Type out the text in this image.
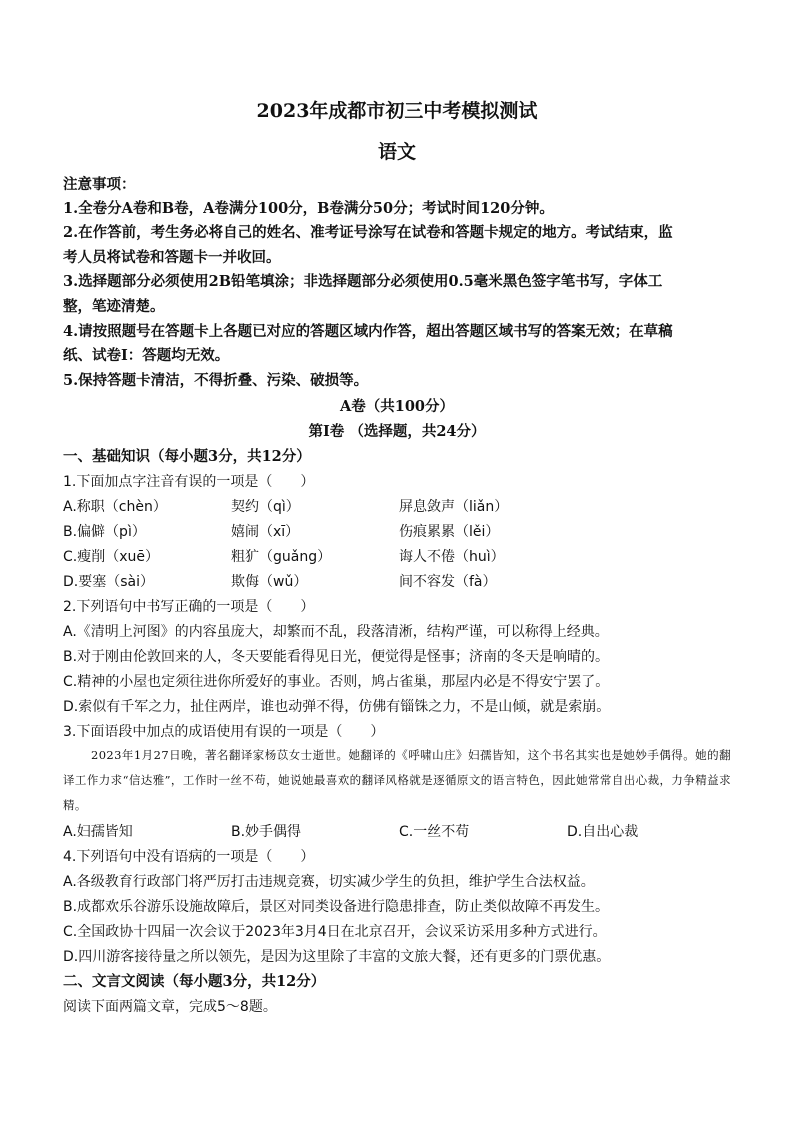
2023年成都市初三中考模拟测试
语文
注意事项：
1.全卷分A卷和B卷，A卷满分100分，B卷满分50分；考试时间120分钟。
2.在作答前，考生务必将自己的姓名、准考证号涂写在试卷和答题卡规定的地方。考试结束，监
考人员将试卷和答题卡一并收回。
3.选择题部分必须使用2B铅笔填涂；非选择题部分必须使用0.5毫米黑色签字笔书写，字体工
整，笔迹清楚。
4.请按照题号在答题卡上各题已对应的答题区域内作答，超出答题区域书写的答案无效；在草稿
纸、试卷Ⅰ：答题均无效。
5.保持答题卡清洁，不得折叠、污染、破损等。
A卷（共100分）
第Ⅰ卷 （选择题，共24分）
一、基础知识（每小题3分，共12分）
1.下面加点字注音有误的一项是（　　）
A.称职（chèn）	契约（qì）	屏息敛声（liǎn）
B.偏僻（pì）	嬉闹（xī）	伤痕累累（lěi）
C.瘦削（xuē）	粗犷（guǎng）	诲人不倦（huì）
D.要塞（sài）	欺侮（wǔ）	间不容发（fà）
2.下列语句中书写正确的一项是（　　）
A.《清明上河图》的内容虽庞大，却繁而不乱，段落清淅，结构严谨，可以称得上经典。
B.对于刚由伦敦回来的人，冬天要能看得见日光，便觉得是怪事；济南的冬天是响晴的。
C.精神的小屋也定须往进你所爱好的事业。否则，鸠占雀巢，那屋内必是不得安宁罢了。
D.索似有千军之力，扯住两岸，谁也动弹不得，仿佛有锱铢之力，不是山倾，就是索崩。
3.下面语段中加点的成语使用有误的一项是（　　）
2023年1月27日晚，著名翻译家杨苡女士逝世。她翻译的《呼啸山庄》妇孺皆知，这个书名其实也是她妙手偶得。她的翻译工作力求“信达雅”，工作时一丝不苟，她说她最喜欢的翻译风格就是逐循原文的语言特色，因此她常常自出心裁，力争精益求精。
A.妇孺皆知	B.妙手偶得	C.一丝不苟	D.自出心裁
4.下列语句中没有语病的一项是（　　）
A.各级教育行政部门将严厉打击违规竞赛，切实减少学生的负担，维护学生合法权益。
B.成都欢乐谷游乐设施故障后，景区对同类设备进行隐患排查，防止类似故障不再发生。
C.全国政协十四届一次会议于2023年3月4日在北京召开，会议采访采用多种方式进行。
D.四川游客接待量之所以领先，是因为这里除了丰富的文旅大餐，还有更多的门票优惠。
二、文言文阅读（每小题3分，共12分）
阅读下面两篇文章，完成5～8题。
